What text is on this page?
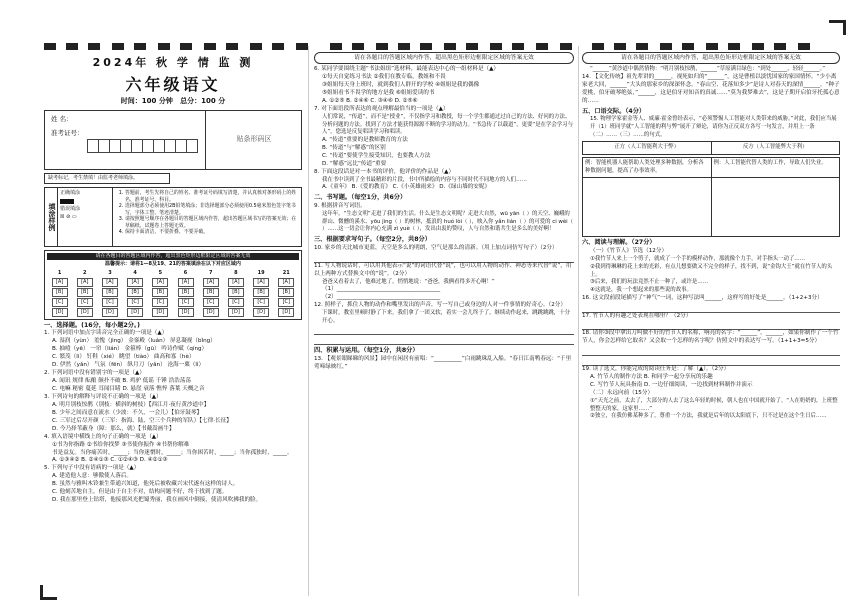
2024年 秋 学 情 监 测
六年级语文
时间：100 分钟 总分：100 分
姓 名：
准考证号：
贴条形码区
缺考标记，考生禁填！由监考老师填涂。
填涂样例
正确填涂
错误填涂
☒ ⊘ ▭
1. 答题前，考生先将自己的姓名、准考证号码填写清楚，并认真核对条形码上的姓名、准考证号、科目。
2. 选择题部分必须使用2B铅笔填涂；非选择题部分必须使用0.5毫米黑色签字笔书写，字体工整、笔迹清楚。
3. 请按照题号顺序在各题目的答题区域内作答，超出答题区域书写的答案无效；在草稿纸、试题卷上答题无效。
4. 保持卡面清洁，不要折叠、不要弄破。
请在各题目的答题区域内作答，超出黑色矩形边框限定区域的答案无效
温馨提示：请将1—8及19、21的答案填涂在以下对应区域内
1
[A]
[B]
[C]
[D]
2
[A]
[B]
[C]
[D]
3
[A]
[B]
[C]
[D]
4
[A]
[B]
[C]
[D]
5
[A]
[B]
[C]
[D]
6
[A]
[B]
[C]
[D]
7
[A]
[B]
[C]
[D]
8
[A]
[B]
[C]
[D]
19
[A]
[B]
[C]
[D]
21
[A]
[B]
[C]
[D]
一、选择题。(16分，每小题2分。)
1. 下列词语中加点字读音完全正确的一项是（▲）
A. 湿润（yùn） 羞愧（jìng） 金銮殿（luán） 屏息凝视（bǐng）
B. 抽噎（yē） 一帘（lián） 金箍棒（gū） 吟诗作赋（qíng）
C. 繁茂（lì） 钉鞋（xié） 眺望（tiào） 曲高和寡（hè）
D. 伊然（yǎn） 气氛（fēn） 纵月刀（yǎn） 沧海一粟（lì）
2. 下列词语中没有错别字的一项是（▲）
A. 闻讯 规律 酝酿 颠扑不破 B. 鸡驴 低谣 千锤 浩浩荡荡
C. 电嘛 秘密 蔓延 耳闻目睹 D. 悬崖 衰落 憔悴 落葉 天概之音
3. 下列诗句的解释与评说不正确的一项是（▲）
A. 明月别枝惊鹊（别枝：横斜的树枝）【西江月·夜行黄沙道中】
B. 少年之间而意在流水（少波：不久，一会儿）【伯牙鼓琴】
C. 三军过后尽开颜（三军：指海、陆、空三个兵种的军队）【七律·长征】
D. 今乃择苇蔽身（障：那么，就）【书戴嵩画牛】
4. 填入语境中横线上的句子正确的一项是（▲）
①书为你指路 ②书给你找梦 ③书使你振作 ④书帮你解难
书是益友。当你痛苦时，_____；当你迷惘时，_____；当你困苦时，_____；当你孤独时，_____。
A. ①③④② B. ②④①③ C. ①②④③ D. ④②①③
5. 下列句子中没有语病的一项是（▲）
A. 建造他人意：够傲使人落后。
B. 虽然与雅叫木铃兼生带通兴知道，他死后被收藏兴宋代遂有这样的诗人。
C. 他刻苦地自主，但是由于自主不对，结构问题不好，终于找到了题。
D. 我在那里登上钻塔，他接那风光把蜀秀丽，我在画风中倒接，使清风吹拂我的脸。
请在各题目的答题区域内作答，超出黑色矩形边框限定区域的答案无效
6. 某同学要围绕主题“书法姐组”选材料，最能表达中心的一组材料是（▲）
①每天自觉练习书法 ②我们在教专临，教姐和不畏
③姐姐每天身上班时，就到我们人群开的学校 ④姐姐是我的偶像
⑤姐姐看书不畏学的地方是我 ⑥姐姐爱读的书
A. ①②⑤ B. ②④⑥ C. ③④⑥ D. ②⑤⑥
7. 对下面语段所表达的观点理解最恰当的一项是（▲）
人们常说，“传道”，而不是“授业”，不仅指学习和教授，每一个学生都通过过自己的方法、好问的方法、分析问题的方法。找到了方法才能获得源源不断的学习的动力。“书急传了以载道”，更要“是在学会学习与人”，您选是反复唱读学习和唱读。
A. “传道”重要的是教师教育的方法
B. “传道”与“解惑”的区别
C. “传道”要使学生接受知识，也要教人方法
D. “解惑”远比“传道”重要
8. 下面这段话是对一本书的评价，他评价的作品是（▲）
我在书中读到了全书最精彩的片段，书中所描绘的内容与不同时代不同地方的人们……
A.《童年》 B.《爱的教育》 C.《小英雄雨来》 D.《绿山墙的安妮》
二、书写题。（每空1分，共6分）
9. 根据拼音写词语。
这年年，“生态文明”走进了我们的生活。什么是生态文明呢？走进大自然，wū yān（ ）的天空、巍峨的群山、微醺的溪水、yōu jìng（ ）的树林，抵浪的 huó lòi（ ），映入你 yǎn lián（ ）的可爱的 ci wèi（ ）……这一切会让你内心充满 zì yuè（ ），发出由衷的赞叹，人与自然和谐共生是多么的美好啊！
三、根据要求写句子。（每空2分，共8分）
10. 家乡的天比城市更蓝，天空是多么的明朗，空气是那么的清新。（用上加点词仿写句子）（2分）
11. 写人物说话时，可以用其他表示“说”的词语代替“说”，也可以用人物的动作、神态等来代替“说”，用以上两种方式替换文中的“说”。（2分）
爸爸又看着去了，他难过地了，悄悄地说：“爸爸，我俩看得多开心啊！”
（1）_____________________________________
（2）_____________________________________
12. 照样子，抓住人物的动作和嘴里发出的声音，写一写自己或身边的人对一件事情的好奇心。（2分）
下课时，教室里顿时静了下来，我们拿了一团又软，着实一会儿终于了，继续动作起来，跳跳跳跳，十分开心。
四、积累与运用。（每空1分，共8分）
13. 【观景眼睇睇的风景】园中在闲居有前唱：“__________”白雨跳珠乱入船。“春日江南鸭春远：“千里莺啼绿映红，”
请在各题目的答题区域内作答，超出黑色矩形边框限定区域的答案无效
“______”黄沙道中偶然情物：“明月别枝惊鹊，______”草原满目绿色：“到处______，轻轻______。”
14. 【文化传统】祖先辈讲的______，视死如归的“______”，这是曹植以淡忧国家的家国情怀。“少小离家老大回，______”大头的那家乡的深深怀念。“春山空、花落知多少”是诗人对春天的深情______。“种子爱桃，伯牙破琴绝弦，”______，这是伯牙对知音的真诚……“莫为我梦难去”，这是子期开启伯牙托孤心意的……
五、口语交际。（4分）
15. 物理学家霍金等人、威廉·霍金曾经表示，“必须警惕人工智能对人类带来的威胁。”对此，我们应当展开（1）班同学就“人工智能的利与弊”展开了辩论，请你为正反双方各写一句发言，并用上一条（二）……（三）……的句式。
正方（人工智能利大于弊）	反方（人工智能弊大于利）
例：智能机器人能帮助人类处理多种数据，分析各种数据问题，提高了办事效率。
例：人工智能代替人类的工作，导致人们失业。
六、阅读与理解。（27分）
（一）《竹节人》节选（12分）
①我竹节人来上一个剪子，就成了一个手的模样动作，那就像个力手，对手指头一动了……
②我到得琳琳的花上来的光彩，有点儿想要做又不完全的样子，找不到，说“金钩大王”就在竹节人的头上。
③后来，我们的玩法竟然不止一种了，或许是……
④这就是，我一个想起来的那些说的故事。
16. 这文段前段尾描写了“神气”一词，这种写法叫______，这样写的好处是______。（1+2+3分）
17. 竹节人的有趣之处表现在哪里？（2分）
18. 请你③段中拿出刀叫做不好的竹节人的名称，响亮的名字：“______”，______，如果你制作了一个竹节人，你会怎样给它取名？又会取一个怎样的名字呢？仿照文中的表达写一写。（1+1+3=5分）
19. 读了选文，你能完成的阅读任务是：了解（▲）。（2分）
A. 竹节人的制作方法 B. 和同学一起分享玩的乐趣
C. 写竹节人玩具指南 D. 一边仔细阅读，一边找到材料制作并演示
（二）永远向前（15分）
①“天光之前，太去了，大部分的人去了这么年轻的时候，朝人也在中国就开始了。“人在奶奶的，上班整整整天的家，这家里……”
②独立，在我仿佛某种多了，尊重一个方法，我就是后年的以太阳底下，只不过是在这个生日后……
